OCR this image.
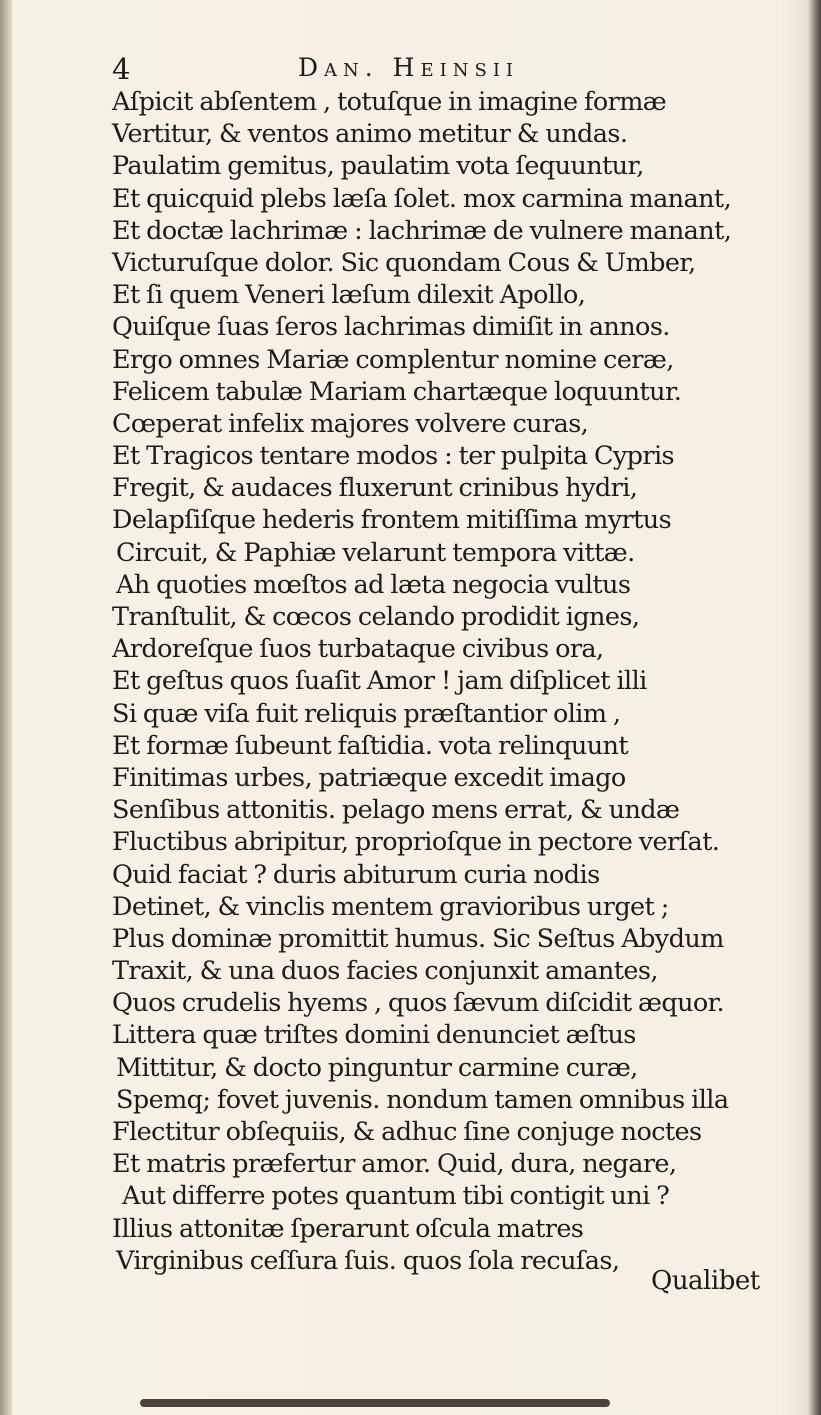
4	Dan. Heinsii
Aſpicit abſentem , totuſque in imagine formæ
Vertitur, & ventos animo metitur & undas.
Paulatim gemitus, paulatim vota ſequuntur,
Et quicquid plebs læſa ſolet. mox carmina manant,
Et doctæ lachrimæ : lachrimæ de vulnere manant,
Victuruſque dolor. Sic quondam Cous & Umber,
Et ſi quem Veneri læſum dilexit Apollo,
Quiſque ſuas ſeros lachrimas dimiſit in annos.
Ergo omnes Mariæ complentur nomine ceræ,
Felicem tabulæ Mariam chartæque loquuntur.
Cœperat infelix majores volvere curas,
Et Tragicos tentare modos : ter pulpita Cypris
Fregit, & audaces fluxerunt crinibus hydri,
Delapſiſque hederis frontem mitiſſima myrtus
Circuit, & Paphiæ velarunt tempora vittæ.
Ah quoties mœſtos ad læta negocia vultus
Tranſtulit, & cœcos celando prodidit ignes,
Ardoreſque ſuos turbataque civibus ora,
Et geſtus quos ſuaſit Amor ! jam diſplicet illi
Si quæ viſa fuit reliquis præſtantior olim ,
Et formæ ſubeunt faſtidia. vota relinquunt
Finitimas urbes, patriæque excedit imago
Senſibus attonitis. pelago mens errat, & undæ
Fluctibus abripitur, proprioſque in pectore verſat.
Quid faciat ? duris abiturum curia nodis
Detinet, & vinclis mentem gravioribus urget ;
Plus dominæ promittit humus. Sic Seſtus Abydum
Traxit, & una duos facies conjunxit amantes,
Quos crudelis hyems , quos ſævum diſcidit æquor.
Littera quæ triſtes domini denunciet æſtus
Mittitur, & docto pinguntur carmine curæ,
Spemq; fovet juvenis. nondum tamen omnibus illa
Flectitur obſequiis, & adhuc ſine conjuge noctes
Et matris præfertur amor. Quid, dura, negare,
Aut differre potes quantum tibi contigit uni ?
Illius attonitæ ſperarunt oſcula matres
Virginibus ceſſura ſuis. quos ſola recuſas,
Qualibet
